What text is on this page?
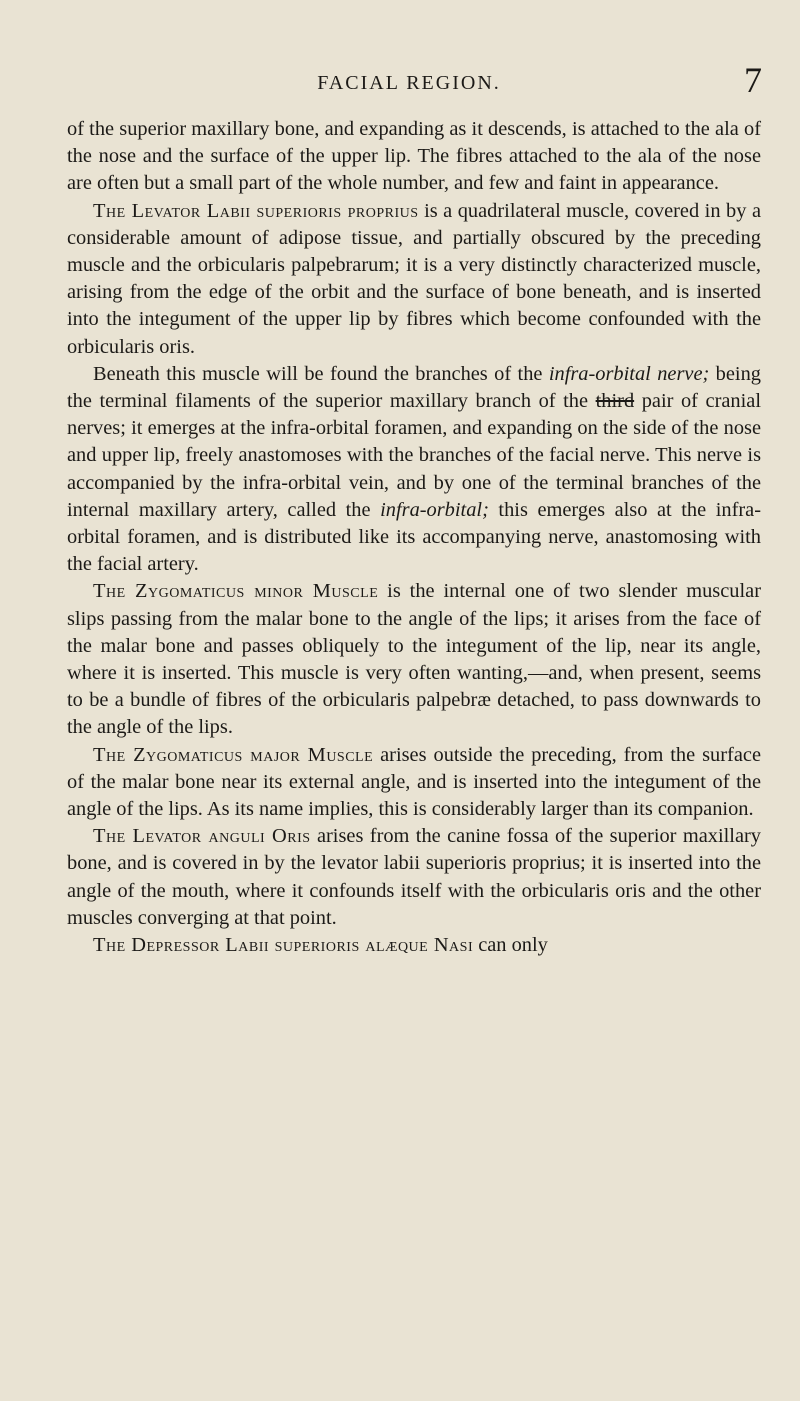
FACIAL REGION.	7

of the superior maxillary bone, and expanding as it descends, is attached to the ala of the nose and the surface of the upper lip. The fibres attached to the ala of the nose are often but a small part of the whole number, and few and faint in appearance.

The Levator Labii superioris proprius is a quadrilateral muscle, covered in by a considerable amount of adipose tissue, and partially obscured by the preceding muscle and the orbicularis palpebrarum; it is a very distinctly characterized muscle, arising from the edge of the orbit and the surface of bone beneath, and is inserted into the integument of the upper lip by fibres which become confounded with the orbicularis oris.

Beneath this muscle will be found the branches of the infra-orbital nerve; being the terminal filaments of the superior maxillary branch of the third pair of cranial nerves; it emerges at the infra-orbital foramen, and expanding on the side of the nose and upper lip, freely anastomoses with the branches of the facial nerve. This nerve is accompanied by the infra-orbital vein, and by one of the terminal branches of the internal maxillary artery, called the infra-orbital; this emerges also at the infra-orbital foramen, and is distributed like its accompanying nerve, anastomosing with the facial artery.

The Zygomaticus minor Muscle is the internal one of two slender muscular slips passing from the malar bone to the angle of the lips; it arises from the face of the malar bone and passes obliquely to the integument of the lip, near its angle, where it is inserted. This muscle is very often wanting,—and, when present, seems to be a bundle of fibres of the orbicularis palpebræ detached, to pass downwards to the angle of the lips.

The Zygomaticus major Muscle arises outside the preceding, from the surface of the malar bone near its external angle, and is inserted into the integument of the angle of the lips. As its name implies, this is considerably larger than its companion.

The Levator anguli Oris arises from the canine fossa of the superior maxillary bone, and is covered in by the levator labii superioris proprius; it is inserted into the angle of the mouth, where it confounds itself with the orbicularis oris and the other muscles converging at that point.

The Depressor Labii superioris alæque Nasi can only
